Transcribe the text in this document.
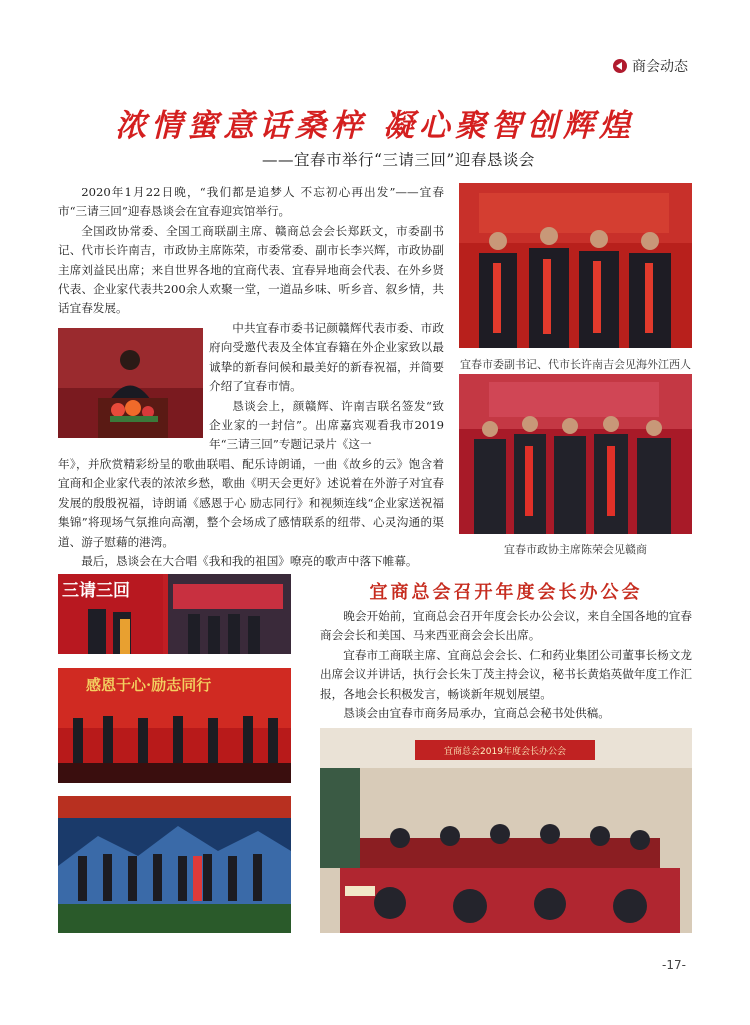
商会动态
浓情蜜意话桑梓 凝心聚智创辉煌
——宜春市举行“三请三回”迎春恳谈会

2020年1月22日晚，“我们都是追梦人 不忘初心再出发”——宜春市“三请三回”迎春恳谈会在宜春迎宾馆举行。

全国政协常委、全国工商联副主席、赣商总会会长郑跃文，市委副书记、代市长许南吉，市政协主席陈荣，市委常委、副市长李兴辉，市政协副主席刘益民出席；来自世界各地的宜商代表、宜春异地商会代表、在外乡贤代表、企业家代表共200余人欢聚一堂，一道品乡味、听乡音、叙乡情，共话宜春发展。

中共宜春市委书记颜赣辉代表市委、市政府向受邀代表及全体宜春籍在外企业家致以最诚挚的新春问候和最美好的新春祝福，并简要介绍了宜春市情。

恳谈会上，颜赣辉、许南吉联名签发“致企业家的一封信”。出席嘉宾观看我市2019年“三请三回”专题记录片《这一

年》，并欣赏精彩纷呈的歌曲联唱、配乐诗朗诵，一曲《故乡的云》饱含着宜商和企业家代表的浓浓乡愁，歌曲《明天会更好》述说着在外游子对宜春发展的殷殷祝福，诗朗诵《感恩于心 励志同行》和视频连线“企业家送祝福集锦”将现场气氛推向高潮，整个会场成了感情联系的纽带、心灵沟通的渠道、游子慰藉的港湾。

最后，恳谈会在大合唱《我和我的祖国》嘹亮的歌声中落下帷幕。

宜春市委副书记、代市长许南吉会见海外江西人
宜春市政协主席陈荣会见赣商
三请三回
感恩于心·励志同行
宜商总会召开年度会长办公会

晚会开始前，宜商总会召开年度会长办公会议，来自全国各地的宜春商会会长和美国、马来西亚商会会长出席。

宜春市工商联主席、宜商总会会长、仁和药业集团公司董事长杨文龙出席会议并讲话，执行会长朱丁茂主持会议，秘书长黄焰英做年度工作汇报，各地会长积极发言，畅谈新年规划展望。

恳谈会由宜春市商务局承办，宜商总会秘书处供稿。

宜商总会2019年度会长办公会
-17-
